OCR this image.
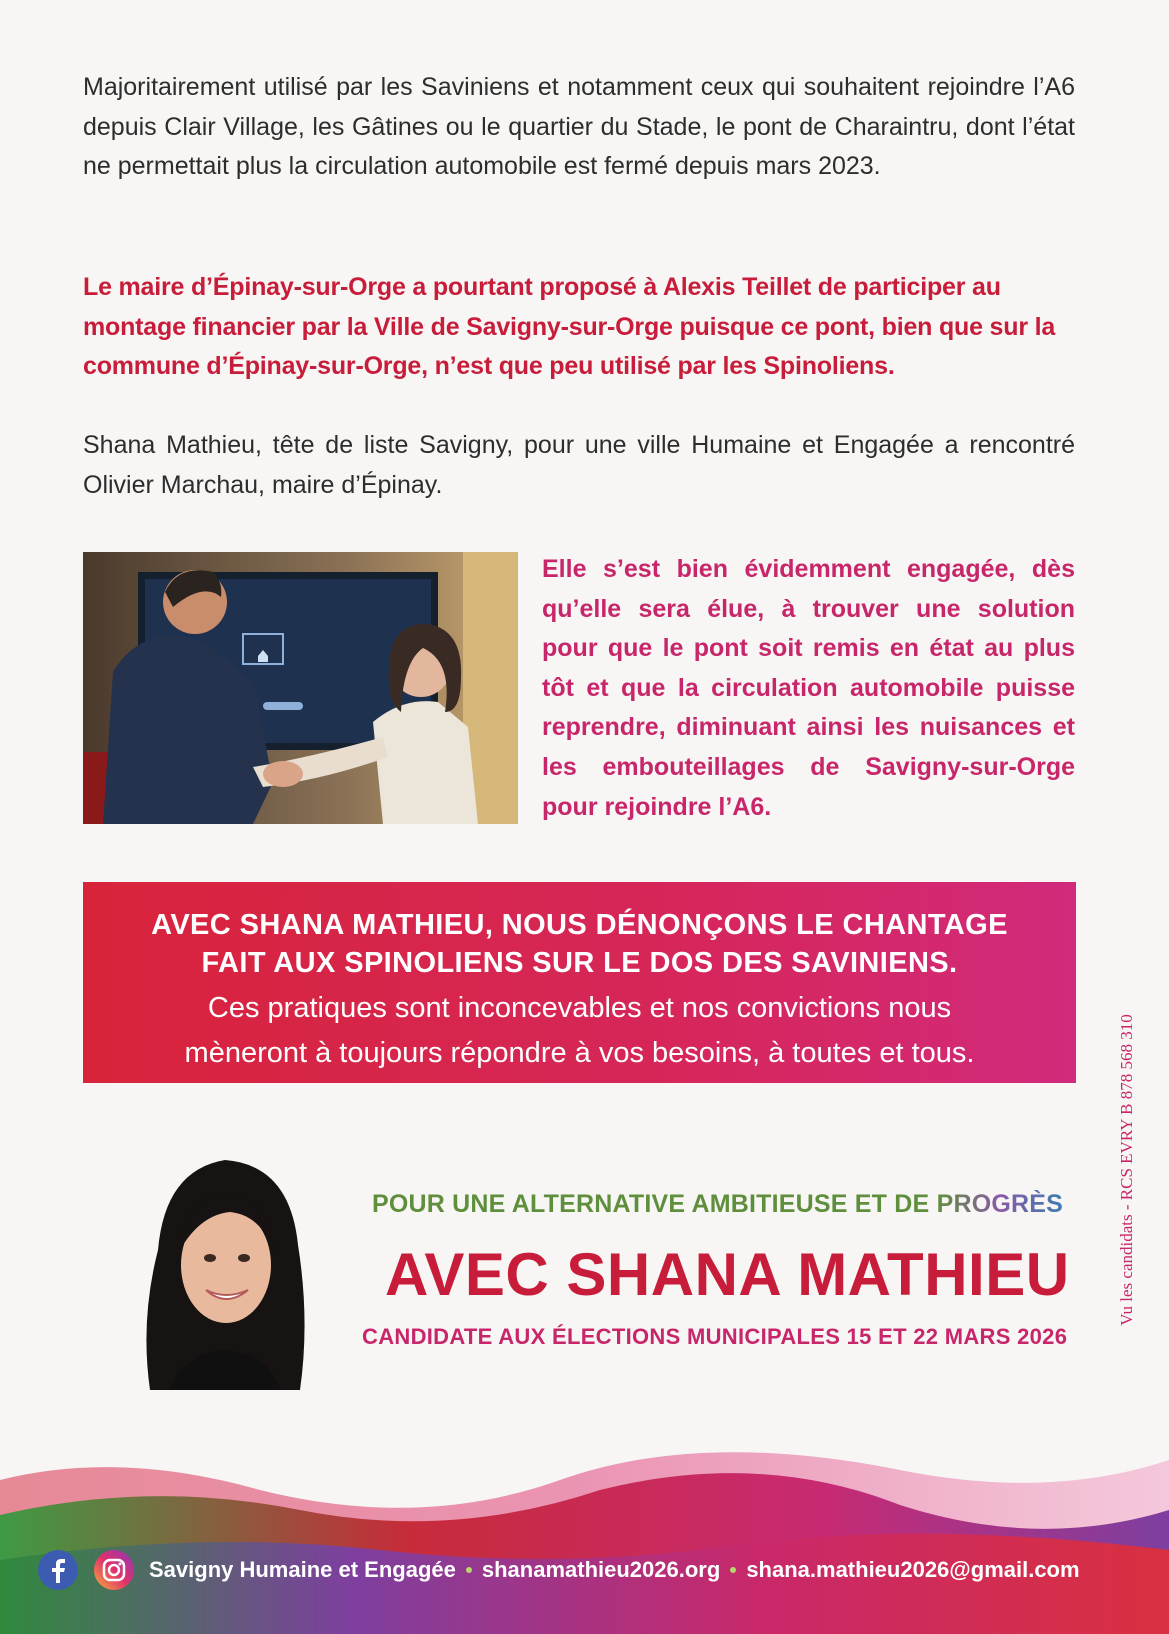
Majoritairement utilisé par les Saviniens et notamment ceux qui souhaitent rejoindre l’A6 depuis Clair Village, les Gâtines ou le quartier du Stade, le pont de Charaintru, dont l’état ne permettait plus la circulation automobile est fermé depuis mars 2023.

Le maire d’Épinay-sur-Orge a pourtant proposé à Alexis Teillet de participer au montage financier par la Ville de Savigny-sur-Orge puisque ce pont, bien que sur la commune d’Épinay-sur-Orge, n’est que peu utilisé par les Spinoliens.

Shana Mathieu, tête de liste Savigny, pour une ville Humaine et Engagée a rencontré Olivier Marchau, maire d’Épinay.

Elle s’est bien évidemment engagée, dès qu’elle sera élue, à trouver une solution pour que le pont soit remis en état au plus tôt et que la circulation automobile puisse reprendre, diminuant ainsi les nuisances et les embouteillages de Savigny-sur-Orge pour rejoindre l’A6.

AVEC SHANA MATHIEU, NOUS DÉNONÇONS LE CHANTAGE
FAIT AUX SPINOLIENS SUR LE DOS DES SAVINIENS.
Ces pratiques sont inconcevables et nos convictions nous
mèneront à toujours répondre à vos besoins, à toutes et tous.
POUR UNE ALTERNATIVE AMBITIEUSE ET DE PROGRÈS
AVEC SHANA MATHIEU
CANDIDATE AUX ÉLECTIONS MUNICIPALES 15 ET 22 MARS 2026
Vu les candidats - RCS EVRY B 878 568 310
Savigny Humaine et Engagée shanamathieu2026.org shana.mathieu2026@gmail.com
